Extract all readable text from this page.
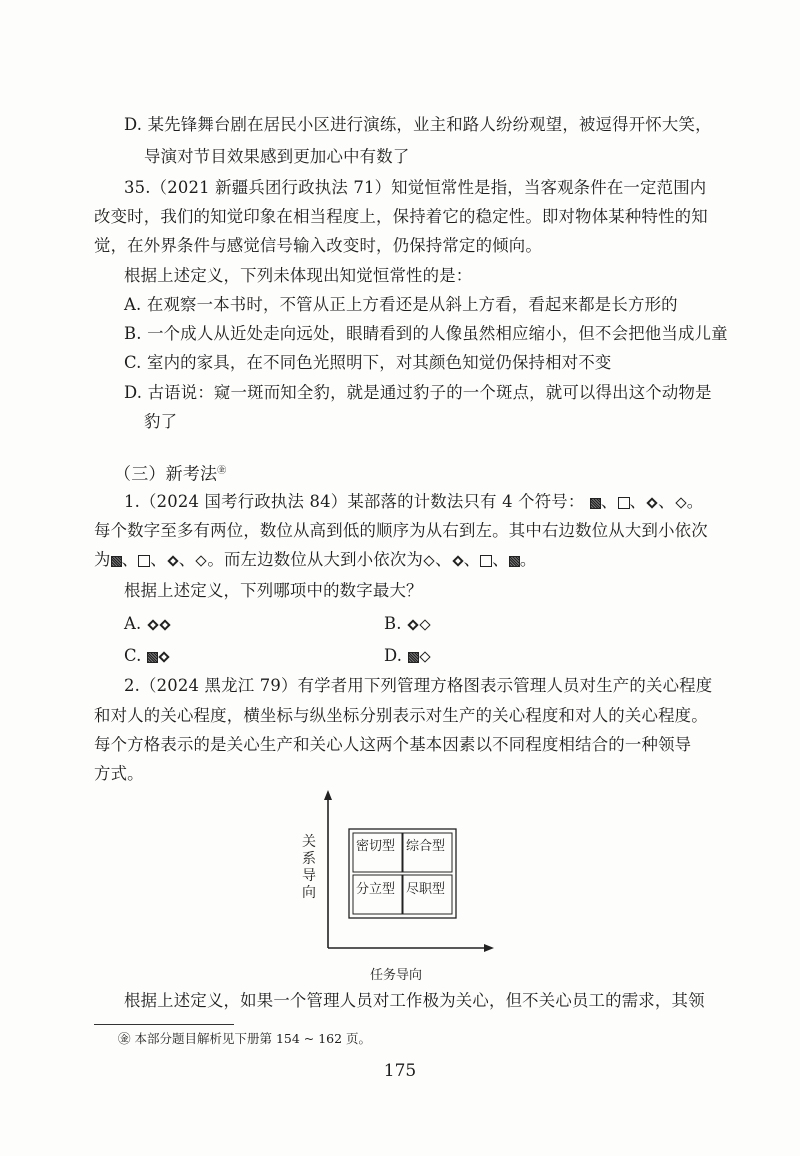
D. 某先锋舞台剧在居民小区进行演练，业主和路人纷纷观望，被逗得开怀大笑，
导演对节目效果感到更加心中有数了
35.（2021 新疆兵团行政执法 71）知觉恒常性是指，当客观条件在一定范围内
改变时，我们的知觉印象在相当程度上，保持着它的稳定性。即对物体某种特性的知
觉，在外界条件与感觉信号输入改变时，仍保持常定的倾向。
根据上述定义，下列未体现出知觉恒常性的是：
A. 在观察一本书时，不管从正上方看还是从斜上方看，看起来都是长方形的
B. 一个成人从近处走向远处，眼睛看到的人像虽然相应缩小，但不会把他当成儿童
C. 室内的家具，在不同色光照明下，对其颜色知觉仍保持相对不变
D. 古语说：窥一斑而知全豹，就是通过豹子的一个斑点，就可以得出这个动物是
豹了
（三）新考法㊎
1.（2024 国考行政执法 84）某部落的计数法只有 4 个符号： 、 、 、 。
每个数字至多有两位，数位从高到低的顺序为从右到左。其中右边数位从大到小依次
为 、 、 、 。而左边数位从大到小依次为 、 、 、 。
根据上述定义，下列哪项中的数字最大？
A.	B.
C.	D.
2.（2024 黑龙江 79）有学者用下列管理方格图表示管理人员对生产的关心程度
和对人的关心程度，横坐标与纵坐标分别表示对生产的关心程度和对人的关心程度。
每个方格表示的是关心生产和关心人这两个基本因素以不同程度相结合的一种领导
方式。
密切型 综合型
分立型 尽职型
关系导向
任务导向
根据上述定义，如果一个管理人员对工作极为关心，但不关心员工的需求，其领
㊎ 本部分题目解析见下册第 154 ~ 162 页。
175
